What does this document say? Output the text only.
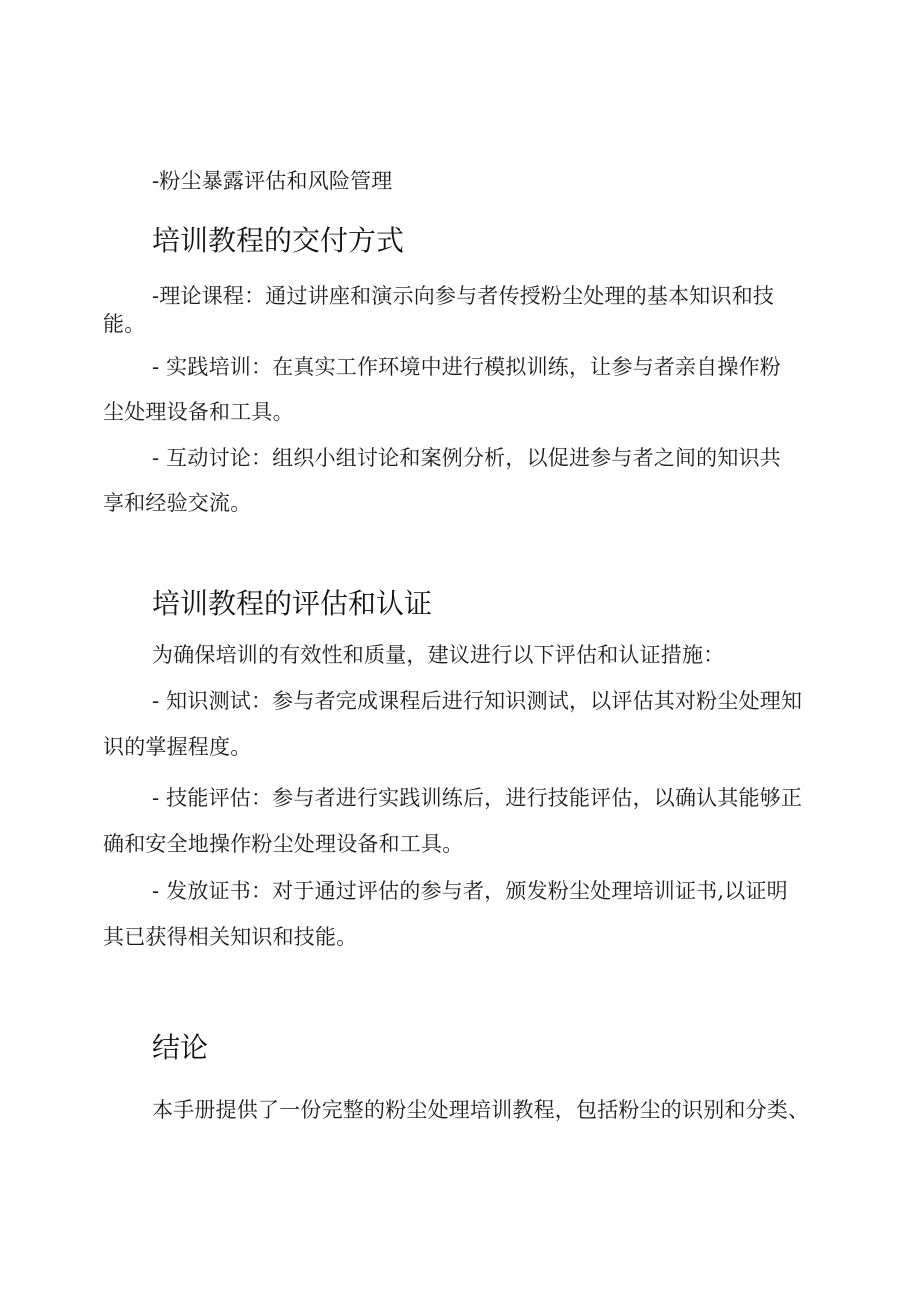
-粉尘暴露评估和风险管理
培训教程的交付方式
-理论课程：通过讲座和演示向参与者传授粉尘处理的基本知识和技
能。
- 实践培训：在真实工作环境中进行模拟训练，让参与者亲自操作粉
尘处理设备和工具。
- 互动讨论：组织小组讨论和案例分析，以促进参与者之间的知识共
享和经验交流。
培训教程的评估和认证
为确保培训的有效性和质量，建议进行以下评估和认证措施：
- 知识测试：参与者完成课程后进行知识测试，以评估其对粉尘处理知
识的掌握程度。
- 技能评估：参与者进行实践训练后，进行技能评估，以确认其能够正
确和安全地操作粉尘处理设备和工具。
- 发放证书：对于通过评估的参与者，颁发粉尘处理培训证书,以证明
其已获得相关知识和技能。
结论
本手册提供了一份完整的粉尘处理培训教程，包括粉尘的识别和分类、
